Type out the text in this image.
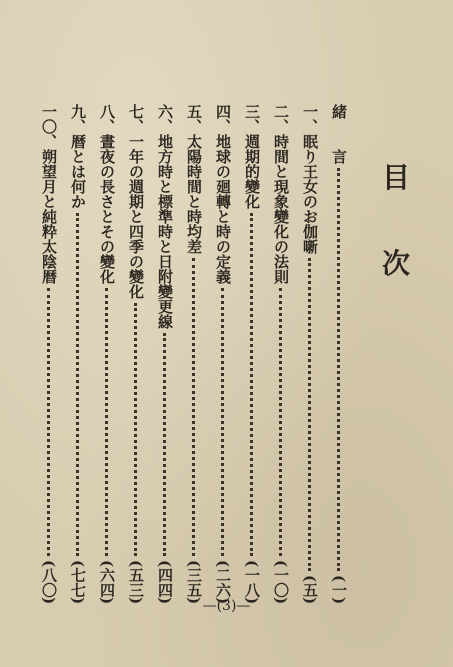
目
次
緒　　言
(一)
一、眠り王女のお伽噺
(五)
二、時間と現象變化の法則
(一〇)
三、週期的變化
(一八)
四、地球の廻轉と時の定義
(二六)
五、太陽時間と時均差
(三五)
六、地方時と標準時と日附變更線
(四四)
七、一年の週期と四季の變化
(五三)
八、晝夜の長さとその變化
(六四)
九、暦とは何か
(七七)
一〇、朔望月と純粋太陰暦
(八〇)
—(3)—
